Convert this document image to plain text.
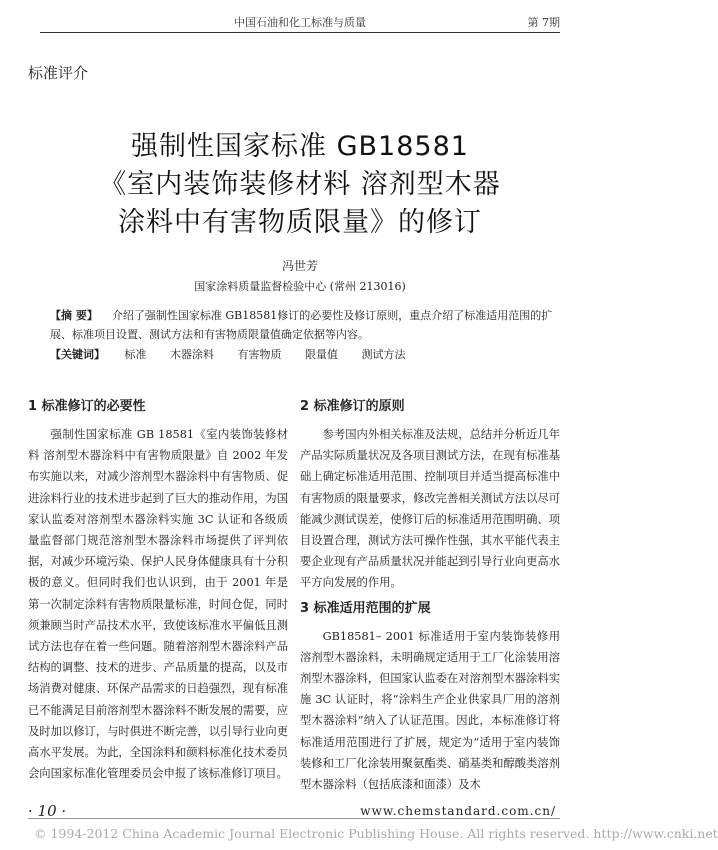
中国石油和化工标准与质量	第 7期
标准评介
强制性国家标准 GB18581
《室内装饰装修材料 溶剂型木器
涂料中有害物质限量》的修订
冯世芳
国家涂料质量监督检验中心 (常州 213016)
【摘 要】 介绍了强制性国家标准 GB18581修订的必要性及修订原则，重点介绍了标准适用范围的扩展、标准项目设置、测试方法和有害物质限量值确定依据等内容。
【关键词】 标准 木器涂料 有害物质 限量值 测试方法
1 标准修订的必要性

强制性国家标准 GB 18581《室内装饰装修材料 溶剂型木器涂料中有害物质限量》自 2002 年发布实施以来，对减少溶剂型木器涂料中有害物质、促进涂料行业的技术进步起到了巨大的推动作用，为国家认监委对溶剂型木器涂料实施 3C 认证和各级质量监督部门规范溶剂型木器涂料市场提供了评判依据，对减少环境污染、保护人民身体健康具有十分积极的意义。但同时我们也认识到，由于 2001 年是第一次制定涂料有害物质限量标准，时间仓促，同时须兼顾当时产品技术水平，致使该标准水平偏低且测试方法也存在着一些问题。随着溶剂型木器涂料产品结构的调整、技术的进步、产品质量的提高，以及市场消费对健康、环保产品需求的日趋强烈，现有标准已不能满足目前溶剂型木器涂料不断发展的需要，应及时加以修订，与时俱进不断完善，以引导行业向更高水平发展。为此，全国涂料和颜料标准化技术委员会向国家标准化管理委员会申报了该标准修订项目。

2 标准修订的原则

参考国内外相关标准及法规，总结并分析近几年产品实际质量状况及各项目测试方法，在现有标准基础上确定标准适用范围、控制项目并适当提高标准中有害物质的限量要求，修改完善相关测试方法以尽可能减少测试误差，使修订后的标准适用范围明确、项目设置合理，测试方法可操作性强，其水平能代表主要企业现有产品质量状况并能起到引导行业向更高水平方向发展的作用。

3 标准适用范围的扩展

GB18581– 2001 标准适用于室内装饰装修用溶剂型木器涂料，未明确规定适用于工厂化涂装用溶剂型木器涂料，但国家认监委在对溶剂型木器涂料实施 3C 认证时，将“涂料生产企业供家具厂用的溶剂型木器涂料”纳入了认证范围。因此，本标准修订将标准适用范围进行了扩展，规定为“适用于室内装饰装修和工厂化涂装用聚氨酯类、硝基类和醇酸类溶剂型木器涂料（包括底漆和面漆）及木

· 10 ·	www.chemstandard.com.cn/
© 1994-2012 China Academic Journal Electronic Publishing House. All rights reserved. http://www.cnki.net
